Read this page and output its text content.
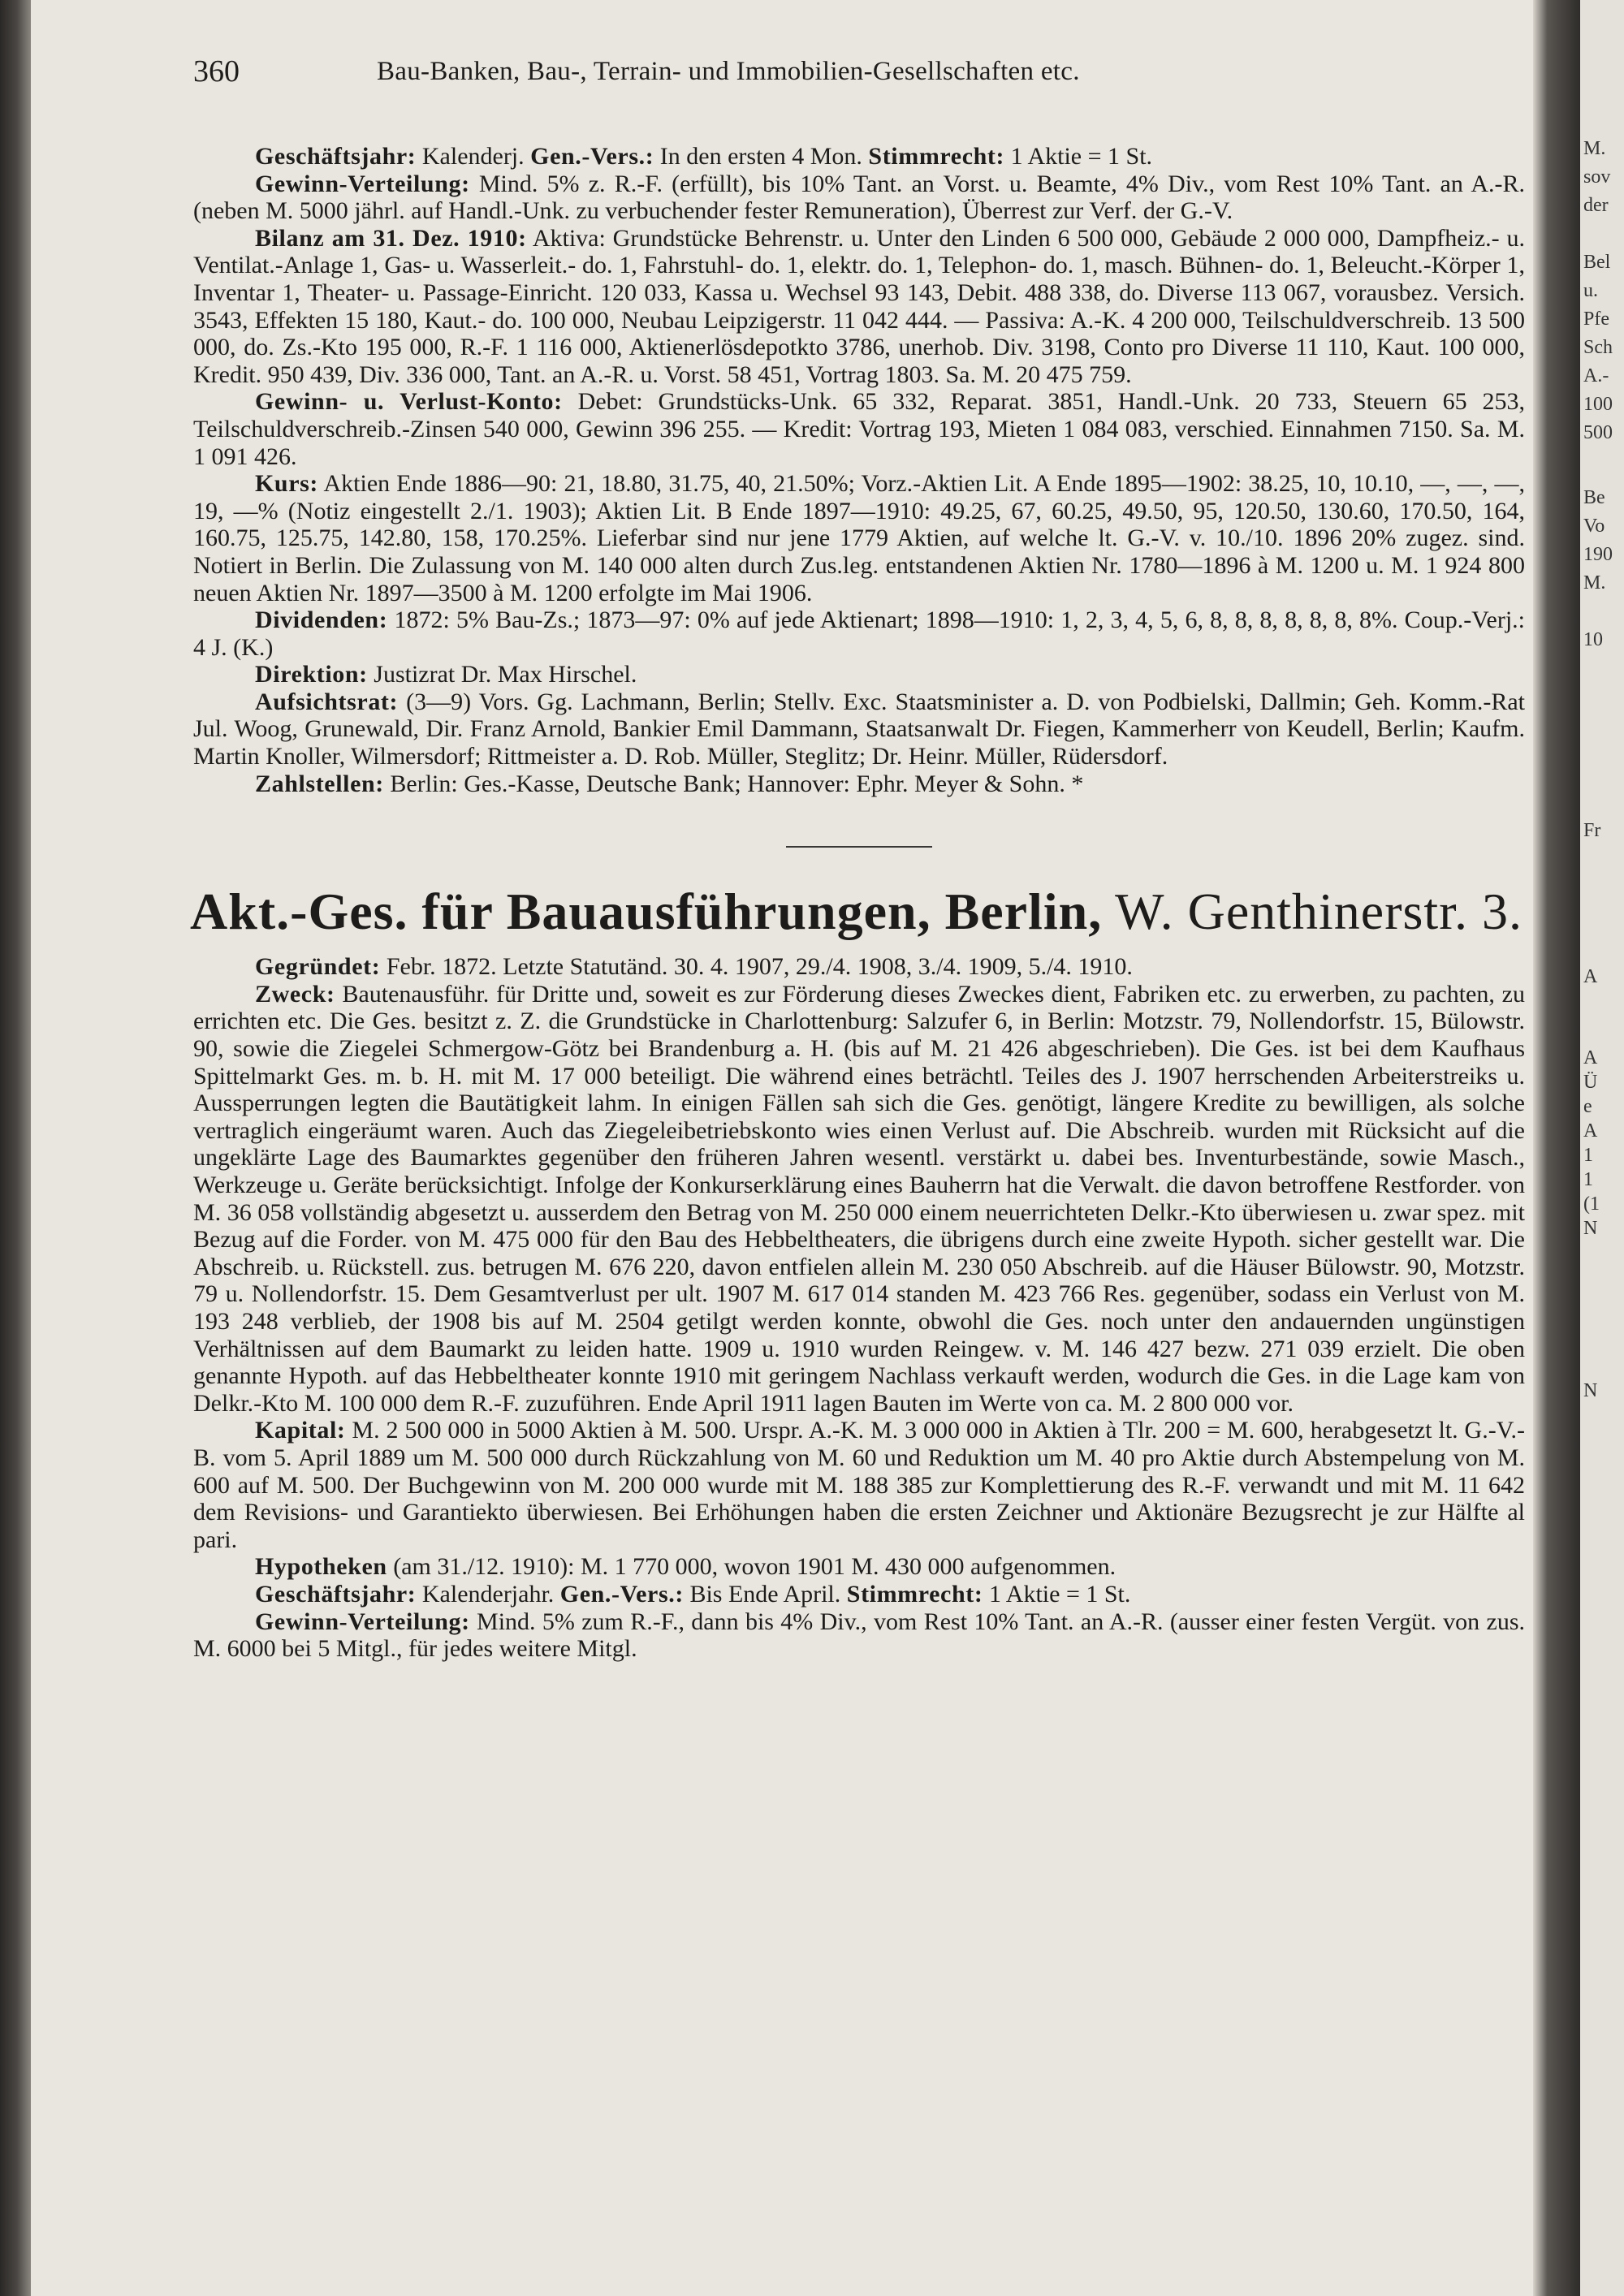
M.
sov
der
Bel
u.
Pfe
Sch
A.-
100
500
Be
Vo
190
M.
10
Fr
A
A
Ü
e
A
1
1
(1
N
N
360	Bau-Banken, Bau-, Terrain- und Immobilien-Gesellschaften etc.

Geschäftsjahr: Kalenderj. Gen.-Vers.: In den ersten 4 Mon. Stimmrecht: 1 Aktie = 1 St.

Gewinn-Verteilung: Mind. 5% z. R.-F. (erfüllt), bis 10% Tant. an Vorst. u. Beamte, 4% Div., vom Rest 10% Tant. an A.-R. (neben M. 5000 jährl. auf Handl.-Unk. zu verbuchender fester Remuneration), Überrest zur Verf. der G.-V.

Bilanz am 31. Dez. 1910: Aktiva: Grundstücke Behrenstr. u. Unter den Linden 6 500 000, Gebäude 2 000 000, Dampfheiz.- u. Ventilat.-Anlage 1, Gas- u. Wasserleit.- do. 1, Fahrstuhl- do. 1, elektr. do. 1, Telephon- do. 1, masch. Bühnen- do. 1, Beleucht.-Körper 1, Inventar 1, Theater- u. Passage-Einricht. 120 033, Kassa u. Wechsel 93 143, Debit. 488 338, do. Diverse 113 067, vorausbez. Versich. 3543, Effekten 15 180, Kaut.- do. 100 000, Neubau Leipzigerstr. 11 042 444. — Passiva: A.-K. 4 200 000, Teilschuldverschreib. 13 500 000, do. Zs.-Kto 195 000, R.-F. 1 116 000, Aktienerlösdepotkto 3786, unerhob. Div. 3198, Conto pro Diverse 11 110, Kaut. 100 000, Kredit. 950 439, Div. 336 000, Tant. an A.-R. u. Vorst. 58 451, Vortrag 1803. Sa. M. 20 475 759.

Gewinn- u. Verlust-Konto: Debet: Grundstücks-Unk. 65 332, Reparat. 3851, Handl.-Unk. 20 733, Steuern 65 253, Teilschuldverschreib.-Zinsen 540 000, Gewinn 396 255. — Kredit: Vortrag 193, Mieten 1 084 083, verschied. Einnahmen 7150. Sa. M. 1 091 426.

Kurs: Aktien Ende 1886—90: 21, 18.80, 31.75, 40, 21.50%; Vorz.-Aktien Lit. A Ende 1895—1902: 38.25, 10, 10.10, —, —, —, 19, —% (Notiz eingestellt 2./1. 1903); Aktien Lit. B Ende 1897—1910: 49.25, 67, 60.25, 49.50, 95, 120.50, 130.60, 170.50, 164, 160.75, 125.75, 142.80, 158, 170.25%. Lieferbar sind nur jene 1779 Aktien, auf welche lt. G.-V. v. 10./10. 1896 20% zugez. sind. Notiert in Berlin. Die Zulassung von M. 140 000 alten durch Zus.leg. entstandenen Aktien Nr. 1780—1896 à M. 1200 u. M. 1 924 800 neuen Aktien Nr. 1897—3500 à M. 1200 erfolgte im Mai 1906.

Dividenden: 1872: 5% Bau-Zs.; 1873—97: 0% auf jede Aktienart; 1898—1910: 1, 2, 3, 4, 5, 6, 8, 8, 8, 8, 8, 8, 8%. Coup.-Verj.: 4 J. (K.)

Direktion: Justizrat Dr. Max Hirschel.

Aufsichtsrat: (3—9) Vors. Gg. Lachmann, Berlin; Stellv. Exc. Staatsminister a. D. von Podbielski, Dallmin; Geh. Komm.-Rat Jul. Woog, Grunewald, Dir. Franz Arnold, Bankier Emil Dammann, Staatsanwalt Dr. Fiegen, Kammerherr von Keudell, Berlin; Kaufm. Martin Knoller, Wilmersdorf; Rittmeister a. D. Rob. Müller, Steglitz; Dr. Heinr. Müller, Rüdersdorf.

Zahlstellen: Berlin: Ges.-Kasse, Deutsche Bank; Hannover: Ephr. Meyer & Sohn. *

Akt.-Ges. für Bauausführungen, Berlin, W. Genthinerstr. 3.

Gegründet: Febr. 1872. Letzte Statutänd. 30. 4. 1907, 29./4. 1908, 3./4. 1909, 5./4. 1910.

Zweck: Bautenausführ. für Dritte und, soweit es zur Förderung dieses Zweckes dient, Fabriken etc. zu erwerben, zu pachten, zu errichten etc. Die Ges. besitzt z. Z. die Grundstücke in Charlottenburg: Salzufer 6, in Berlin: Motzstr. 79, Nollendorfstr. 15, Bülowstr. 90, sowie die Ziegelei Schmergow-Götz bei Brandenburg a. H. (bis auf M. 21 426 abgeschrieben). Die Ges. ist bei dem Kaufhaus Spittelmarkt Ges. m. b. H. mit M. 17 000 beteiligt. Die während eines beträchtl. Teiles des J. 1907 herrschenden Arbeiterstreiks u. Aussperrungen legten die Bautätigkeit lahm. In einigen Fällen sah sich die Ges. genötigt, längere Kredite zu bewilligen, als solche vertraglich eingeräumt waren. Auch das Ziegeleibetriebskonto wies einen Verlust auf. Die Abschreib. wurden mit Rücksicht auf die ungeklärte Lage des Baumarktes gegenüber den früheren Jahren wesentl. verstärkt u. dabei bes. Inventurbestände, sowie Masch., Werkzeuge u. Geräte berücksichtigt. Infolge der Konkurserklärung eines Bauherrn hat die Verwalt. die davon betroffene Restforder. von M. 36 058 vollständig abgesetzt u. ausserdem den Betrag von M. 250 000 einem neuerrichteten Delkr.-Kto überwiesen u. zwar spez. mit Bezug auf die Forder. von M. 475 000 für den Bau des Hebbeltheaters, die übrigens durch eine zweite Hypoth. sicher gestellt war. Die Abschreib. u. Rückstell. zus. betrugen M. 676 220, davon entfielen allein M. 230 050 Abschreib. auf die Häuser Bülowstr. 90, Motzstr. 79 u. Nollendorfstr. 15. Dem Gesamtverlust per ult. 1907 M. 617 014 standen M. 423 766 Res. gegenüber, sodass ein Verlust von M. 193 248 verblieb, der 1908 bis auf M. 2504 getilgt werden konnte, obwohl die Ges. noch unter den andauernden ungünstigen Verhältnissen auf dem Baumarkt zu leiden hatte. 1909 u. 1910 wurden Reingew. v. M. 146 427 bezw. 271 039 erzielt. Die oben genannte Hypoth. auf das Hebbeltheater konnte 1910 mit geringem Nachlass verkauft werden, wodurch die Ges. in die Lage kam von Delkr.-Kto M. 100 000 dem R.-F. zuzuführen. Ende April 1911 lagen Bauten im Werte von ca. M. 2 800 000 vor.

Kapital: M. 2 500 000 in 5000 Aktien à M. 500. Urspr. A.-K. M. 3 000 000 in Aktien à Tlr. 200 = M. 600, herabgesetzt lt. G.-V.-B. vom 5. April 1889 um M. 500 000 durch Rückzahlung von M. 60 und Reduktion um M. 40 pro Aktie durch Abstempelung von M. 600 auf M. 500. Der Buchgewinn von M. 200 000 wurde mit M. 188 385 zur Komplettierung des R.-F. verwandt und mit M. 11 642 dem Revisions- und Garantiekto überwiesen. Bei Erhöhungen haben die ersten Zeichner und Aktionäre Bezugsrecht je zur Hälfte al pari.

Hypotheken (am 31./12. 1910): M. 1 770 000, wovon 1901 M. 430 000 aufgenommen.

Geschäftsjahr: Kalenderjahr. Gen.-Vers.: Bis Ende April. Stimmrecht: 1 Aktie = 1 St.

Gewinn-Verteilung: Mind. 5% zum R.-F., dann bis 4% Div., vom Rest 10% Tant. an A.-R. (ausser einer festen Vergüt. von zus. M. 6000 bei 5 Mitgl., für jedes weitere Mitgl.
